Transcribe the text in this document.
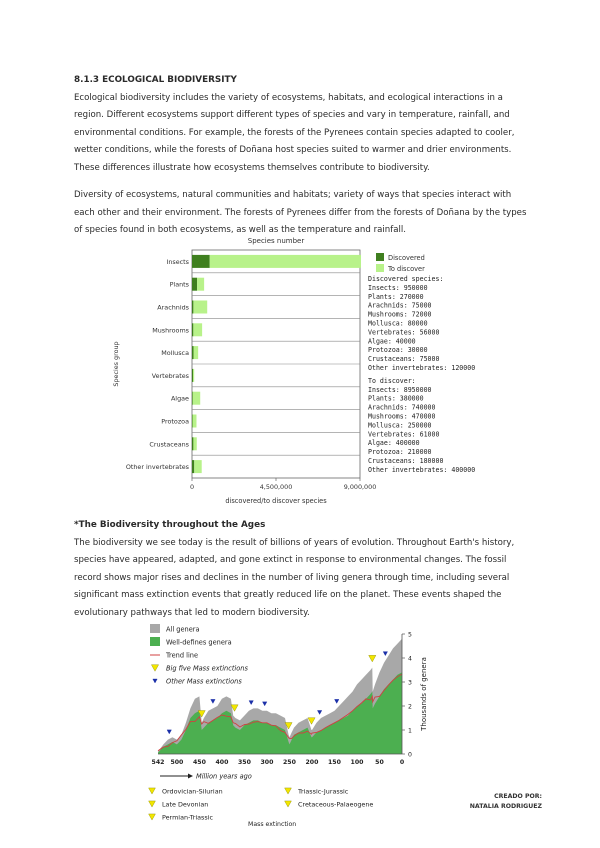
8.1.3 ECOLOGICAL BIODIVERSITY

Ecological biodiversity includes the variety of ecosystems, habitats, and ecological interactions in a region. Different ecosystems support different types of species and vary in temperature, rainfall, and environmental conditions. For example, the forests of the Pyrenees contain species adapted to cooler, wetter conditions, while the forests of Doñana host species suited to warmer and drier environments. These differences illustrate how ecosystems themselves contribute to biodiversity.

Diversity of ecosystems, natural communities and habitats; variety of ways that species interact with each other and their environment. The forests of Pyrenees differ from the forests of Doñana by the types of species found in both ecosystems, as well as the temperature and rainfall.

Species number
Insects
Plants
Arachnids
Mushrooms
Mollusca
Vertebrates
Algae
Protozoa
Crustaceans
Other invertebrates
0	4,500,000	9,000,000
discovered/to discover species
Species group
Discovered
To discover
Discovered species:
Insects: 950000
Plants: 270000
Arachnids: 75000
Mushrooms: 72000
Mollusca: 80000
Vertebrates: 56000
Algae: 40000
Protozoa: 30000
Crustaceans: 75000
Other invertebrates: 120000
To discover:
Insects: 8950000
Plants: 380000
Arachnids: 740000
Mushrooms: 470000
Mollusca: 250000
Vertebrates: 61000
Algae: 400000
Protozoa: 210000
Crustaceans: 180000
Other invertebrates: 400000

*The Biodiversity throughout the Ages

The biodiversity we see today is the result of billions of years of evolution. Throughout Earth's history, species have appeared, adapted, and gone extinct in response to environmental changes. The fossil record shows major rises and declines in the number of living genera through time, including several significant mass extinction events that greatly reduced life on the planet. These events shaped the evolutionary pathways that led to modern biodiversity.

542 500 450 400 350 300 250 200 150 100 50	0
0
1
2
3
4
5
Thousands of genera
Million years ago
All genera
Well-defines genera
Trend line
Big five Mass extinctions
Other Mass extinctions
Ordovician-Silurian
Late Devonian
Permian-Triassic
Triassic-Jurassic
Cretaceous-Palaeogene
Mass extinction
CREADO POR:
NATALIA RODRIGUEZ
